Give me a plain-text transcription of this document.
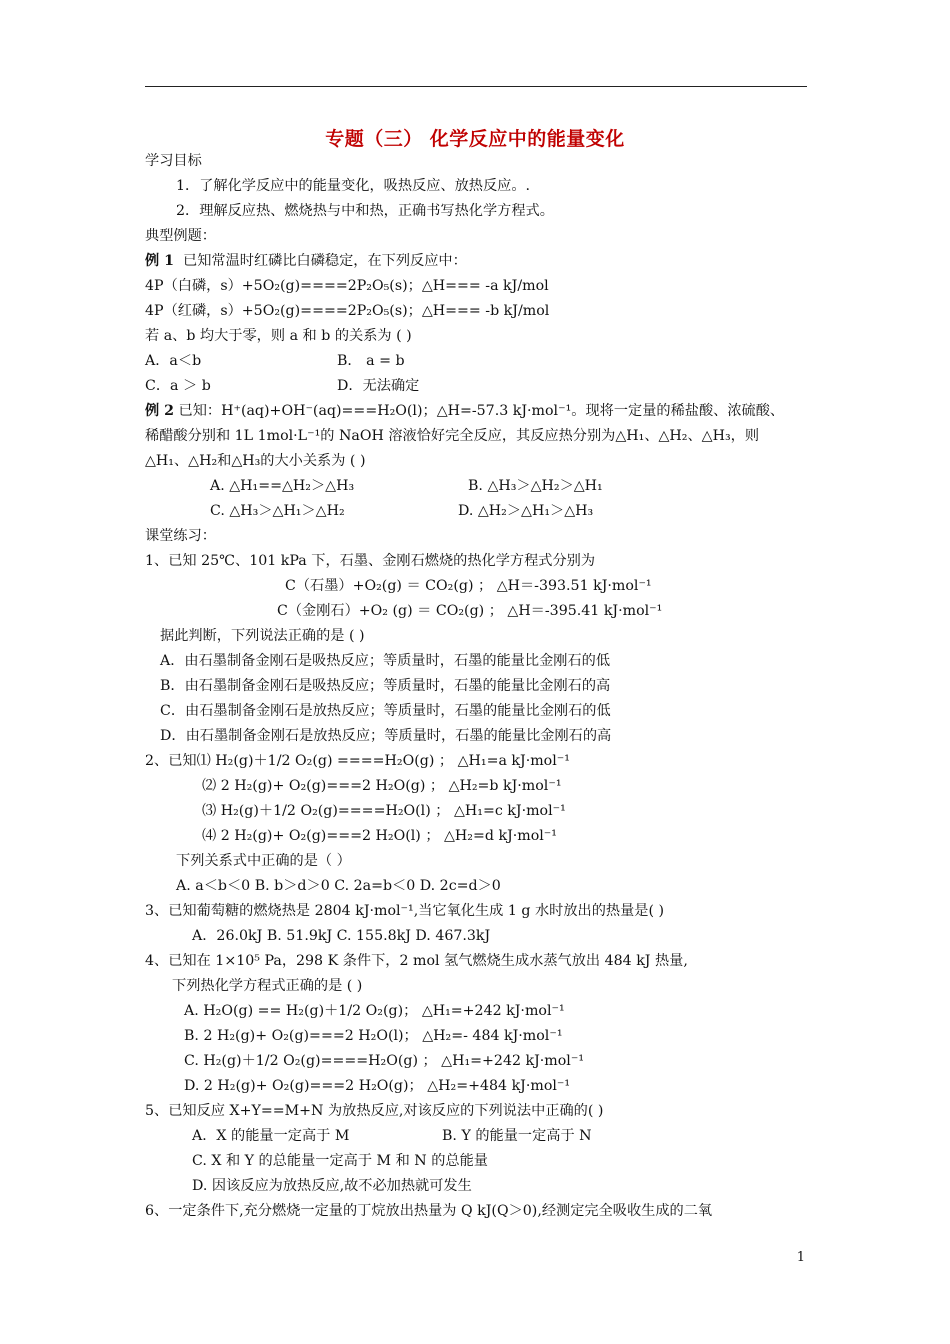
专题（三） 化学反应中的能量变化
学习目标
1．了解化学反应中的能量变化，吸热反应、放热反应。.
2．理解反应热、燃烧热与中和热，正确书写热化学方程式。
典型例题：
例 1 已知常温时红磷比白磷稳定，在下列反应中：
4P（白磷，s）+5O₂(g)====2P₂O₅(s)；△H=== -a kJ/mol
4P（红磷，s）+5O₂(g)====2P₂O₅(s)；△H=== -b kJ/mol
若 a、b 均大于零，则 a 和 b 的关系为 ( )
A．a＜b	B． a = b
C．a ＞ b	D．无法确定
例 2 已知：H⁺(aq)+OH⁻(aq)===H₂O(l)；△H=-57.3 kJ·mol⁻¹。现将一定量的稀盐酸、浓硫酸、
稀醋酸分别和 1L 1mol·L⁻¹的 NaOH 溶液恰好完全反应，其反应热分别为△H₁、△H₂、△H₃，则
△H₁、△H₂和△H₃的大小关系为 ( )
A. △H₁==△H₂＞△H₃	B. △H₃＞△H₂＞△H₁
C. △H₃＞△H₁＞△H₂	D. △H₂＞△H₁＞△H₃
课堂练习：
1、已知 25℃、101 kPa 下，石墨、金刚石燃烧的热化学方程式分别为
C（石墨）+O₂(g) ＝ CO₂(g) ； △H＝-393.51 kJ·mol⁻¹
C（金刚石）+O₂ (g) ＝ CO₂(g) ； △H＝-395.41 kJ·mol⁻¹
据此判断，下列说法正确的是 ( )
A．由石墨制备金刚石是吸热反应；等质量时，石墨的能量比金刚石的低
B．由石墨制备金刚石是吸热反应；等质量时，石墨的能量比金刚石的高
C．由石墨制备金刚石是放热反应；等质量时，石墨的能量比金刚石的低
D．由石墨制备金刚石是放热反应；等质量时，石墨的能量比金刚石的高
2、已知⑴ H₂(g)＋1/2 O₂(g) ====H₂O(g) ； △H₁=a kJ·mol⁻¹
⑵ 2 H₂(g)+ O₂(g)===2 H₂O(g) ； △H₂=b kJ·mol⁻¹
⑶ H₂(g)＋1/2 O₂(g)====H₂O(l) ； △H₁=c kJ·mol⁻¹
⑷ 2 H₂(g)+ O₂(g)===2 H₂O(l) ； △H₂=d kJ·mol⁻¹
下列关系式中正确的是（ ）
A. a＜b＜0 B. b＞d＞0 C. 2a=b＜0 D. 2c=d＞0
3、已知葡萄糖的燃烧热是 2804 kJ·mol⁻¹,当它氧化生成 1 g 水时放出的热量是( )
A．26.0kJ B. 51.9kJ C. 155.8kJ D. 467.3kJ
4、已知在 1×10⁵ Pa，298 K 条件下，2 mol 氢气燃烧生成水蒸气放出 484 kJ 热量,
下列热化学方程式正确的是 ( )
A. H₂O(g) == H₂(g)＋1/2 O₂(g)； △H₁=+242 kJ·mol⁻¹
B. 2 H₂(g)+ O₂(g)===2 H₂O(l)； △H₂=- 484 kJ·mol⁻¹
C. H₂(g)＋1/2 O₂(g)====H₂O(g) ； △H₁=+242 kJ·mol⁻¹
D. 2 H₂(g)+ O₂(g)===2 H₂O(g)； △H₂=+484 kJ·mol⁻¹
5、已知反应 X+Y==M+N 为放热反应,对该反应的下列说法中正确的( )
A．X 的能量一定高于 M	B. Y 的能量一定高于 N
C. X 和 Y 的总能量一定高于 M 和 N 的总能量
D. 因该反应为放热反应,故不必加热就可发生
6、一定条件下,充分燃烧一定量的丁烷放出热量为 Q kJ(Q＞0),经测定完全吸收生成的二氧
1
